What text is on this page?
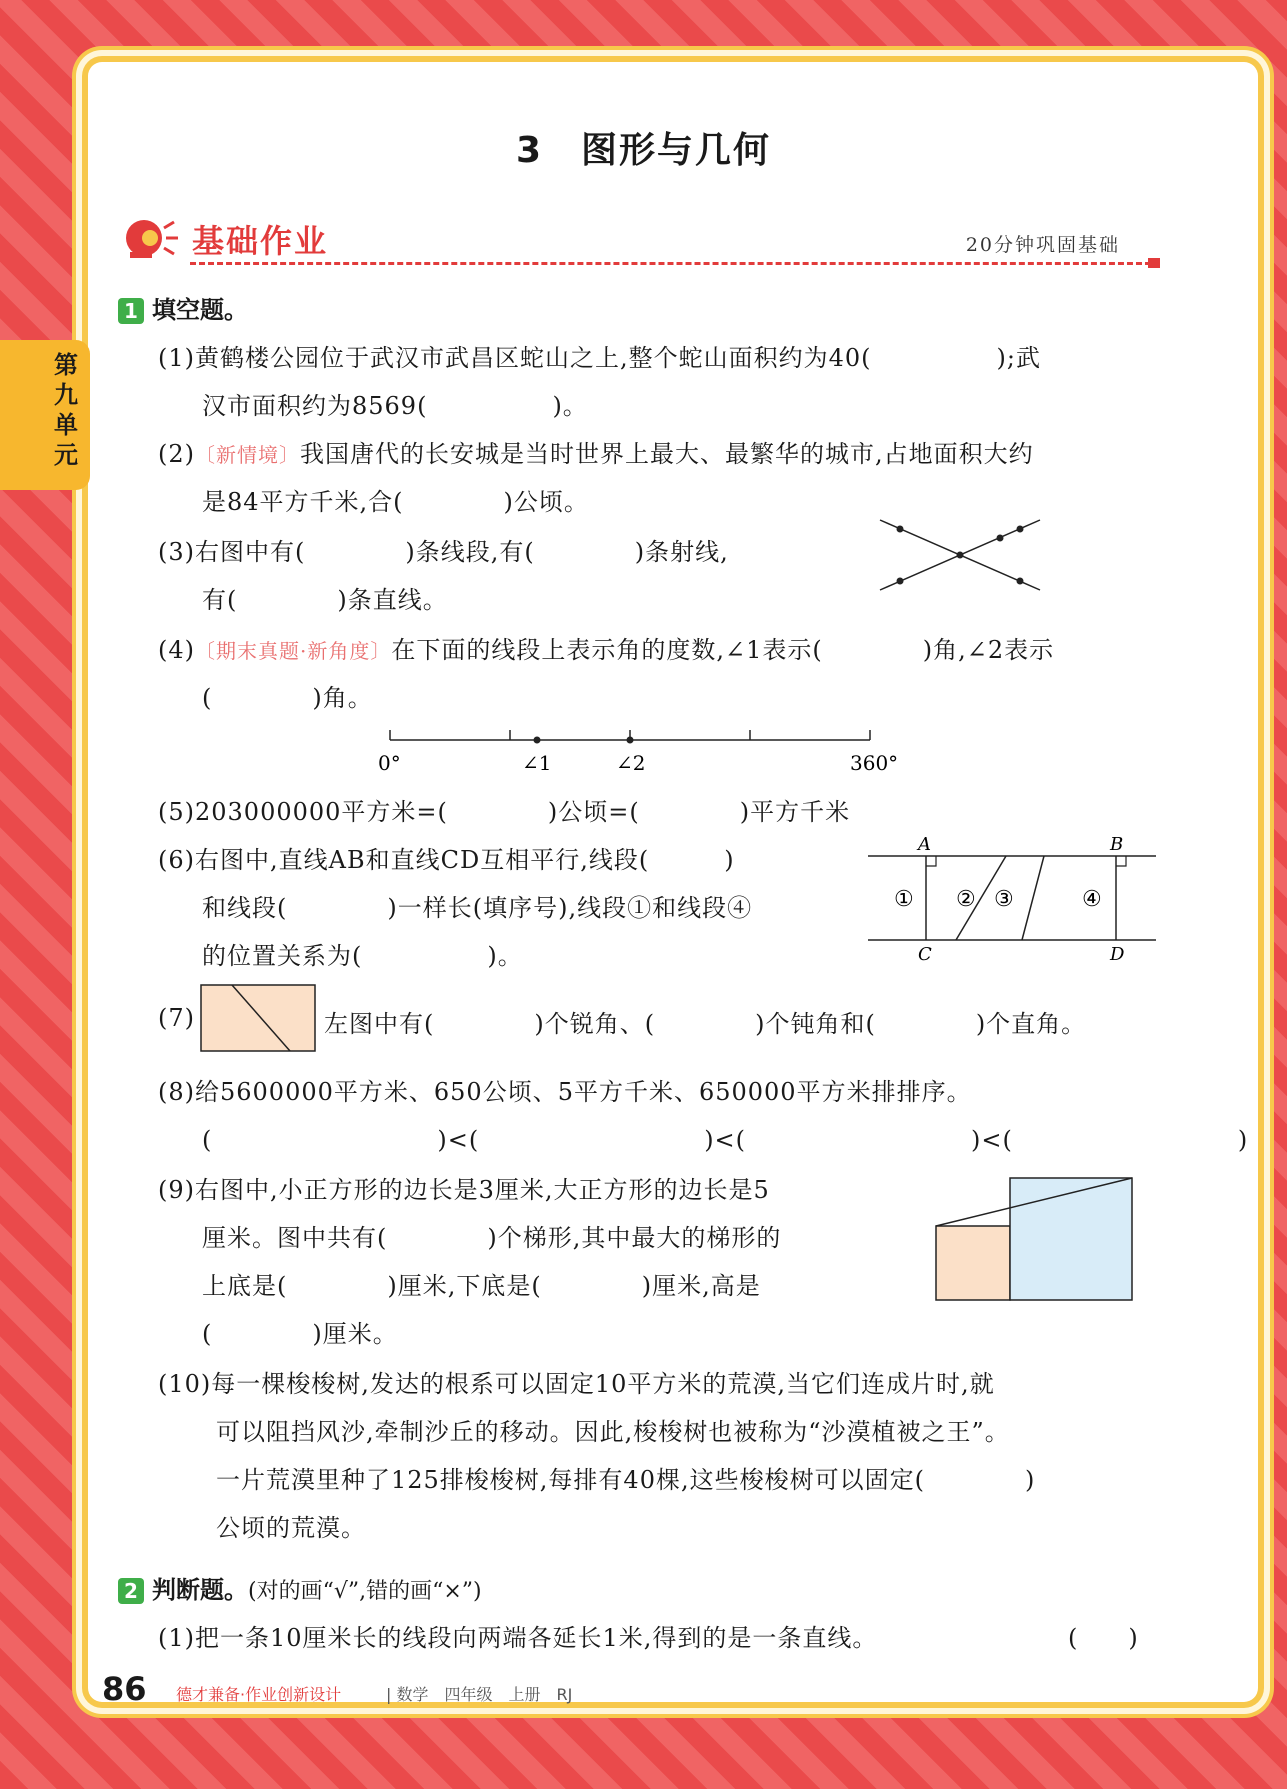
第九单元
3　图形与几何
基础作业	20分钟巩固基础
1 填空题。
(1)黄鹤楼公园位于武汉市武昌区蛇山之上,整个蛇山面积约为40(　　　　　);武
汉市面积约为8569(　　　　　)。
(2)〔新情境〕我国唐代的长安城是当时世界上最大、最繁华的城市,占地面积大约
是84平方千米,合(　　　　)公顷。
(3)右图中有(　　　　)条线段,有(　　　　)条射线,
有(　　　　)条直线。
(4)〔期末真题·新角度〕在下面的线段上表示角的度数,∠1表示(　　　　)角,∠2表示
(　　　　)角。
0°	∠1	∠2	360°
(5)203000000平方米=(　　　　)公顷=(　　　　)平方千米
(6)右图中,直线AB和直线CD互相平行,线段(　　　)
和线段(　　　　)一样长(填序号),线段①和线段④
的位置关系为(　　　　　)。
A	B
C	D
① ② ③	④
(7)	左图中有(　　　　)个锐角、(　　　　)个钝角和(　　　　)个直角。
(8)给5600000平方米、650公顷、5平方千米、650000平方米排排序。
(　　　　　　　　　)<(　　　　　　　　　)<(　　　　　　　　　)<(　　　　　　　　　)
(9)右图中,小正方形的边长是3厘米,大正方形的边长是5
厘米。图中共有(　　　　)个梯形,其中最大的梯形的
上底是(　　　　)厘米,下底是(　　　　)厘米,高是
(　　　　)厘米。
(10)每一棵梭梭树,发达的根系可以固定10平方米的荒漠,当它们连成片时,就
可以阻挡风沙,牵制沙丘的移动。因此,梭梭树也被称为“沙漠植被之王”。
一片荒漠里种了125排梭梭树,每排有40棵,这些梭梭树可以固定(　　　　)
公顷的荒漠。
2 判断题。(对的画“√”,错的画“×”)
(1)把一条10厘米长的线段向两端各延长1米,得到的是一条直线。	(　　)
86 德才兼备·作业创新设计	| 数学　四年级　上册　RJ
